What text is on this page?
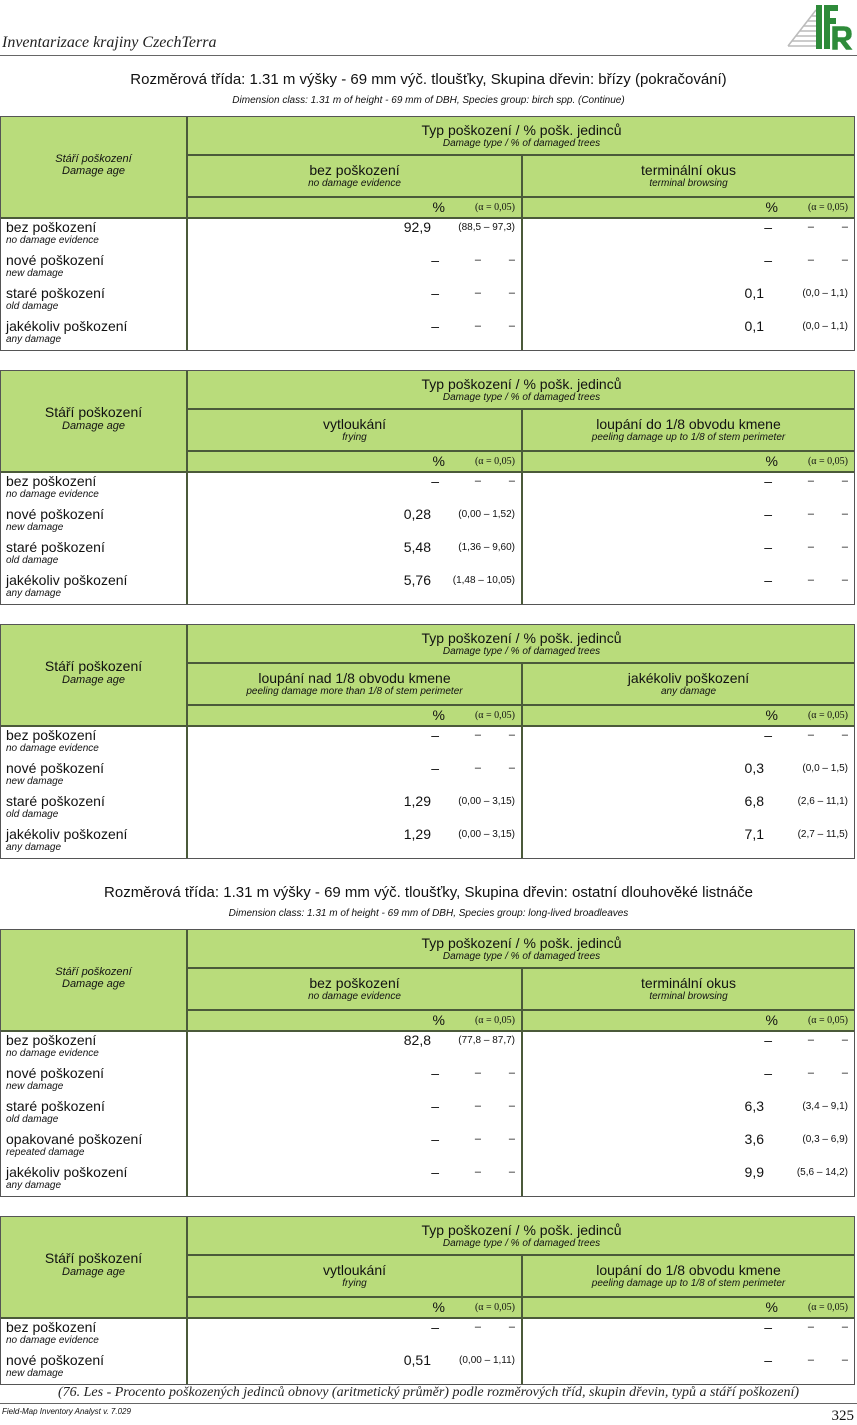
Inventarizace krajiny CzechTerra
Rozměrová třída: 1.31 m výšky - 69 mm výč. tloušťky, Skupina dřevin: břízy (pokračování)
Dimension class: 1.31 m of height - 69 mm of DBH, Species group: birch spp. (Continue)
Stáří poškození
Damage age
Typ poškození / % pošk. jedinců
Damage type / % of damaged trees
bez poškození
no damage evidence
%	(α = 0,05)
terminální okus
terminal browsing
%	(α = 0,05)
bez poškození
no damage evidence
92,9	(88,5 – 97,3)	–	–	–
nové poškození
new damage
–	–	–	–	–	–
staré poškození
old damage
–	–	–	0,1	(0,0 – 1,1)
jakékoliv poškození
any damage
–	–	–	0,1	(0,0 – 1,1)
Stáří poškození
Damage age
Typ poškození / % pošk. jedinců
Damage type / % of damaged trees
vytloukání
frying
%	(α = 0,05)
loupání do 1/8 obvodu kmene
peeling damage up to 1/8 of stem perimeter
%	(α = 0,05)
bez poškození
no damage evidence
–	–	–	–	–	–
nové poškození
new damage
0,28	(0,00 – 1,52)	–	–	–
staré poškození
old damage
5,48	(1,36 – 9,60)	–	–	–
jakékoliv poškození
any damage
5,76 (1,48 – 10,05)	–	–	–
Stáří poškození
Damage age
Typ poškození / % pošk. jedinců
Damage type / % of damaged trees
loupání nad 1/8 obvodu kmene
peeling damage more than 1/8 of stem perimeter
%	(α = 0,05)
jakékoliv poškození
any damage
%	(α = 0,05)
bez poškození
no damage evidence
–	–	–	–	–	–
nové poškození
new damage
–	–	–	0,3	(0,0 – 1,5)
staré poškození
old damage
1,29	(0,00 – 3,15)	6,8	(2,6 – 11,1)
jakékoliv poškození
any damage
1,29	(0,00 – 3,15)	7,1	(2,7 – 11,5)
Rozměrová třída: 1.31 m výšky - 69 mm výč. tloušťky, Skupina dřevin: ostatní dlouhověké listnáče
Dimension class: 1.31 m of height - 69 mm of DBH, Species group: long-lived broadleaves
Stáří poškození
Damage age
Typ poškození / % pošk. jedinců
Damage type / % of damaged trees
bez poškození
no damage evidence
%	(α = 0,05)
terminální okus
terminal browsing
%	(α = 0,05)
bez poškození
no damage evidence
82,8	(77,8 – 87,7)	–	–	–
nové poškození
new damage
–	–	–	–	–	–
staré poškození
old damage
–	–	–	6,3	(3,4 – 9,1)
opakované poškození
repeated damage
–	–	–	3,6	(0,3 – 6,9)
jakékoliv poškození
any damage
–	–	–	9,9	(5,6 – 14,2)
Stáří poškození
Damage age
Typ poškození / % pošk. jedinců
Damage type / % of damaged trees
vytloukání
frying
%	(α = 0,05)
loupání do 1/8 obvodu kmene
peeling damage up to 1/8 of stem perimeter
%	(α = 0,05)
bez poškození
no damage evidence
–	–	–	–	–	–
nové poškození
new damage
0,51	(0,00 – 1,11)	–	–	–
(76. Les - Procento poškozených jedinců obnovy (aritmetický průměr) podle rozměrových tříd, skupin dřevin, typů a stáří poškození)
Field-Map Inventory Analyst v. 7.029	325
